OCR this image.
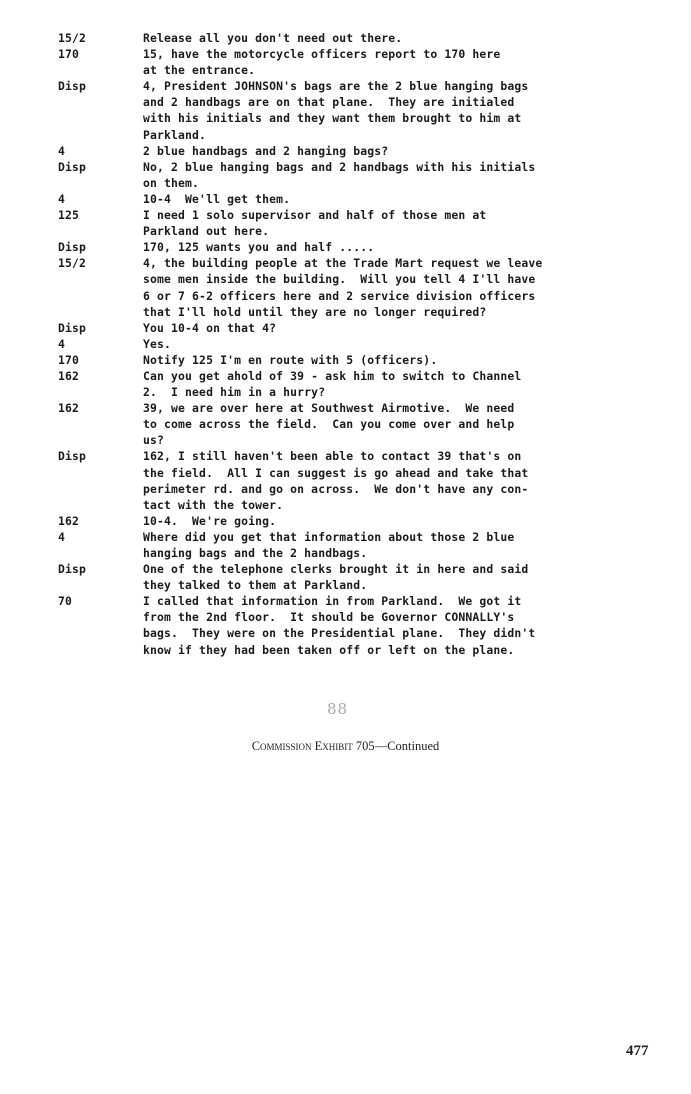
15/2	Release all you don't need out there.
170	15, have the motorcycle officers report to 170 here
at the entrance.
Disp	4, President JOHNSON's bags are the 2 blue hanging bags
and 2 handbags are on that plane.  They are initialed
with his initials and they want them brought to him at
Parkland.
4	2 blue handbags and 2 hanging bags?
Disp	No, 2 blue hanging bags and 2 handbags with his initials
on them.
4	10-4  We'll get them.
125	I need 1 solo supervisor and half of those men at
Parkland out here.
Disp	170, 125 wants you and half .....
15/2	4, the building people at the Trade Mart request we leave
some men inside the building.  Will you tell 4 I'll have
6 or 7 6-2 officers here and 2 service division officers
that I'll hold until they are no longer required?
Disp	You 10-4 on that 4?
4	Yes.
170	Notify 125 I'm en route with 5 (officers).
162	Can you get ahold of 39 - ask him to switch to Channel
2.  I need him in a hurry?
162	39, we are over here at Southwest Airmotive.  We need
to come across the field.  Can you come over and help
us?
Disp	162, I still haven't been able to contact 39 that's on
the field.  All I can suggest is go ahead and take that
perimeter rd. and go on across.  We don't have any con-
tact with the tower.
162	10-4.  We're going.
4	Where did you get that information about those 2 blue
hanging bags and the 2 handbags.
Disp	One of the telephone clerks brought it in here and said
they talked to them at Parkland.
70	I called that information in from Parkland.  We got it
from the 2nd floor.  It should be Governor CONNALLY's
bags.  They were on the Presidential plane.  They didn't
know if they had been taken off or left on the plane.
88
Commission Exhibit 705—Continued
477
